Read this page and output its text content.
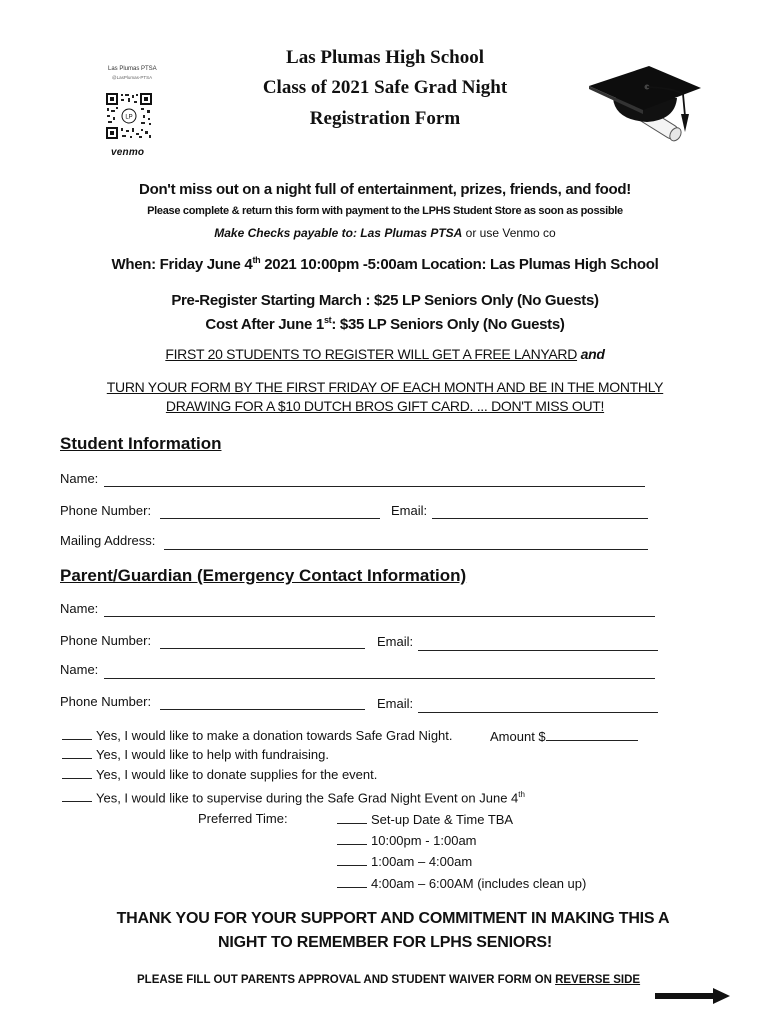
Las Plumas PTSA
@LasPlumas-PTSA
LP
venmo
Las Plumas High School
Class of 2021 Safe Grad Night
Registration Form
Don't miss out on a night full of entertainment, prizes, friends, and food!
Please complete & return this form with payment to the LPHS Student Store as soon as possible
Make Checks payable to: Las Plumas PTSA or use Venmo co
When: Friday June 4th 2021 10:00pm -5:00am Location: Las Plumas High School
Pre-Register Starting March : $25 LP Seniors Only (No Guests)
Cost After June 1st: $35 LP Seniors Only (No Guests)
FIRST 20 STUDENTS TO REGISTER WILL GET A FREE LANYARD and
TURN YOUR FORM BY THE FIRST FRIDAY OF EACH MONTH AND BE IN THE MONTHLY
DRAWING FOR A $10 DUTCH BROS GIFT CARD. ... DON'T MISS OUT!
Student Information
Name:
Phone Number:	Email:
Mailing Address:
Parent/Guardian (Emergency Contact Information)
Name:
Phone Number:	Email:
Name:
Phone Number:	Email:
Yes, I would like to make a donation towards Safe Grad Night.	Amount $
Yes, I would like to help with fundraising.
Yes, I would like to donate supplies for the event.
Yes, I would like to supervise during the Safe Grad Night Event on June 4th
Preferred Time:	Set-up Date & Time TBA
10:00pm - 1:00am
1:00am – 4:00am
4:00am – 6:00AM (includes clean up)
THANK YOU FOR YOUR SUPPORT AND COMMITMENT IN MAKING THIS A
NIGHT TO REMEMBER FOR LPHS SENIORS!
PLEASE FILL OUT PARENTS APPROVAL AND STUDENT WAIVER FORM ON REVERSE SIDE
